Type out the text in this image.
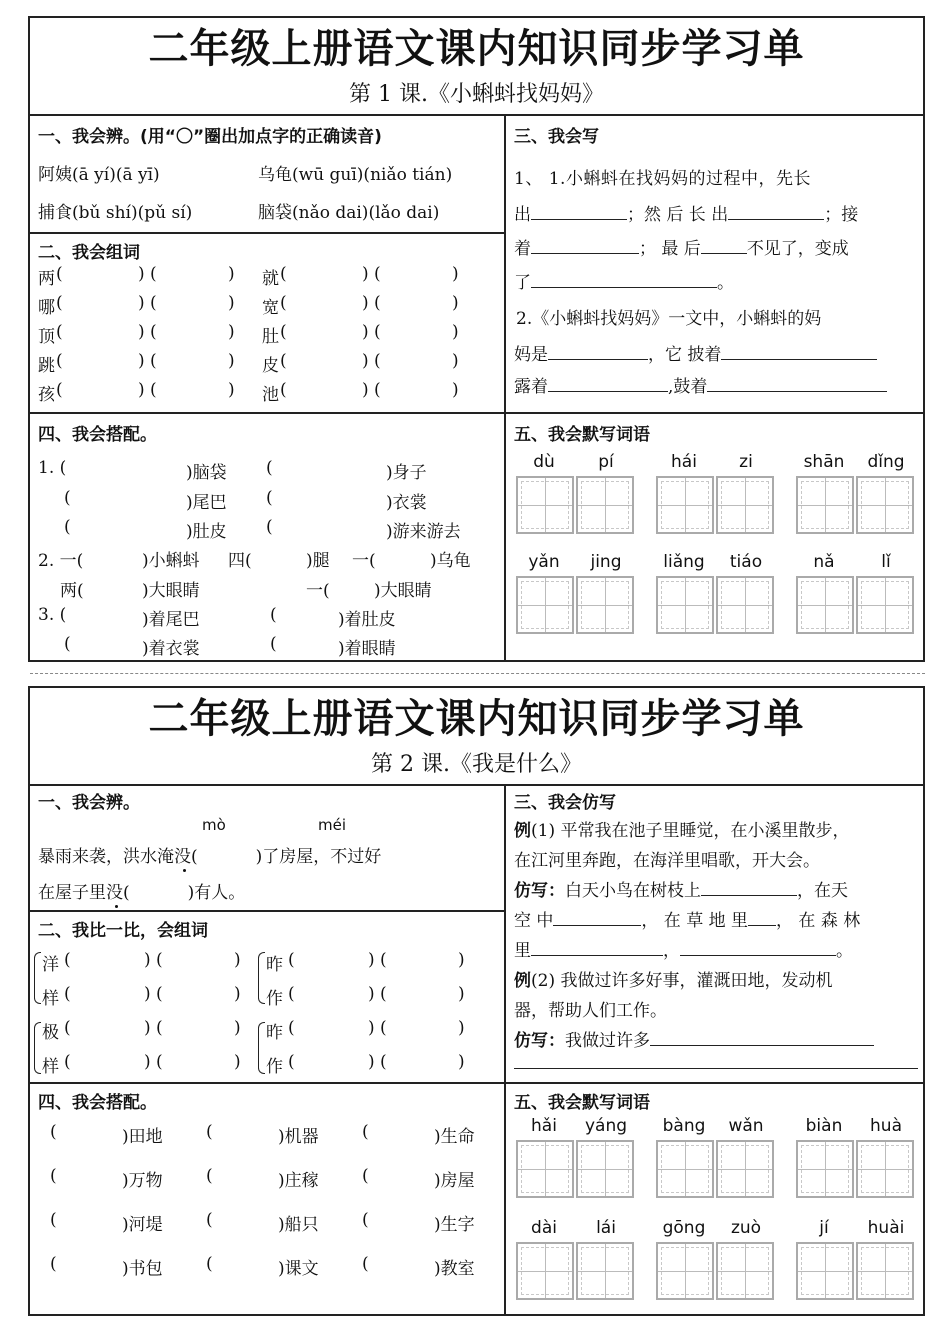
二年级上册语文课内知识同步学习单
第 1 课.《小蝌蚪找妈妈》
一、我会辨。(用“〇”圈出加点字的正确读音)
阿姨(ā yí)(ā yī)	乌龟(wū guī)(niǎo tián)
捕食(bǔ shí)(pǔ sí)	脑袋(nǎo dai)(lǎo dai)
二、我会组词
两 (	) (	) 就 (	) (	)
哪 (	) (	) 宽 (	) (	)
顶 (	) (	) 肚 (	) (	)
跳 (	) (	) 皮 (	) (	)
孩 (	) (	) 池 (	) (	)
三、我会写
1、 1.小蝌蚪在找妈妈的过程中，先长
出	；然 后 长 出	；接
着	； 最 后	不见了，变成
了	。
2.《小蝌蚪找妈妈》一文中，小蝌蚪的妈
妈是	，它 披着
露着	,鼓着
四、我会搭配。
1. (	)脑袋 (	)身子
(	)尾巴 (	)衣裳
(	)肚皮 (	)游来游去
2. 一(	)小蝌蚪 四(	)腿 一(	)乌龟
两(	)大眼睛	一(	)大眼睛
3. (	)着尾巴	(	)着肚皮
(	)着衣裳	(	)着眼睛
五、我会默写词语
dù	pí	hái	zi	shān	dǐng
yǎn	jing	liǎng	tiáo	nǎ	lǐ
二年级上册语文课内知识同步学习单
第 2 课.《我是什么》
一、我会辨。
mò	méi
暴雨来袭，洪水淹没(	)了房屋，不过好
在屋子里没(	)有人。
二、我比一比，会组词
洋 (	) (	) 昨 (	) (	)
样 (	) (	) 作 (	) (	)
极 (	) (	) 昨 (	) (	)
样 (	) (	) 作 (	) (	)
三、我会仿写
例(1) 平常我在池子里睡觉，在小溪里散步，
在江河里奔跑，在海洋里唱歌，开大会。
仿写：白天小鸟在树枝上	，在天
空 中	， 在 草 地 里 ， 在 森 林
里	，	。
例(2) 我做过许多好事，灌溉田地，发动机
器，帮助人们工作。
仿写：我做过许多
四、我会搭配。
(	)田地	(	)机器	(	)生命
(	)万物	(	)庄稼	(	)房屋
(	)河堤	(	)船只	(	)生字
(	)书包	(	)课文	(	)教室
五、我会默写词语
hǎi	yáng	bàng	wǎn	biàn	huà
dài	lái	gōng	zuò	jí	huài
